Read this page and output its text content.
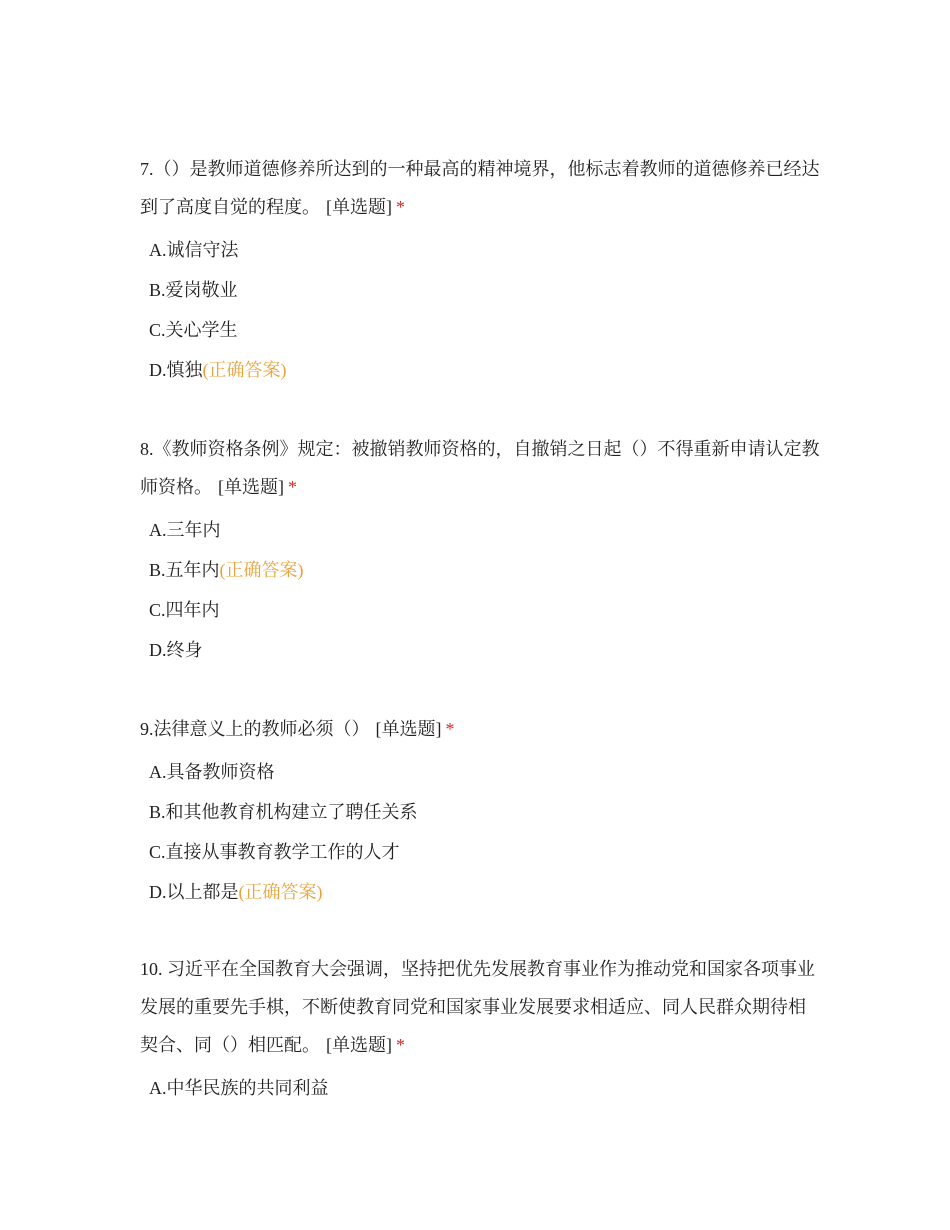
7.（）是教师道德修养所达到的一种最高的精神境界，他标志着教师的道德修养已经达到了高度自觉的程度。 [单选题] *

A.诚信守法
B.爱岗敬业
C.关心学生
D.慎独(正确答案)

8.《教师资格条例》规定：被撤销教师资格的，自撤销之日起（）不得重新申请认定教师资格。 [单选题] *

A.三年内
B.五年内(正确答案)
C.四年内
D.终身

9.法律意义上的教师必须（） [单选题] *

A.具备教师资格
B.和其他教育机构建立了聘任关系
C.直接从事教育教学工作的人才
D.以上都是(正确答案)

10. 习近平在全国教育大会强调，坚持把优先发展教育事业作为推动党和国家各项事业发展的重要先手棋，不断使教育同党和国家事业发展要求相适应、同人民群众期待相契合、同（）相匹配。 [单选题] *

A.中华民族的共同利益
